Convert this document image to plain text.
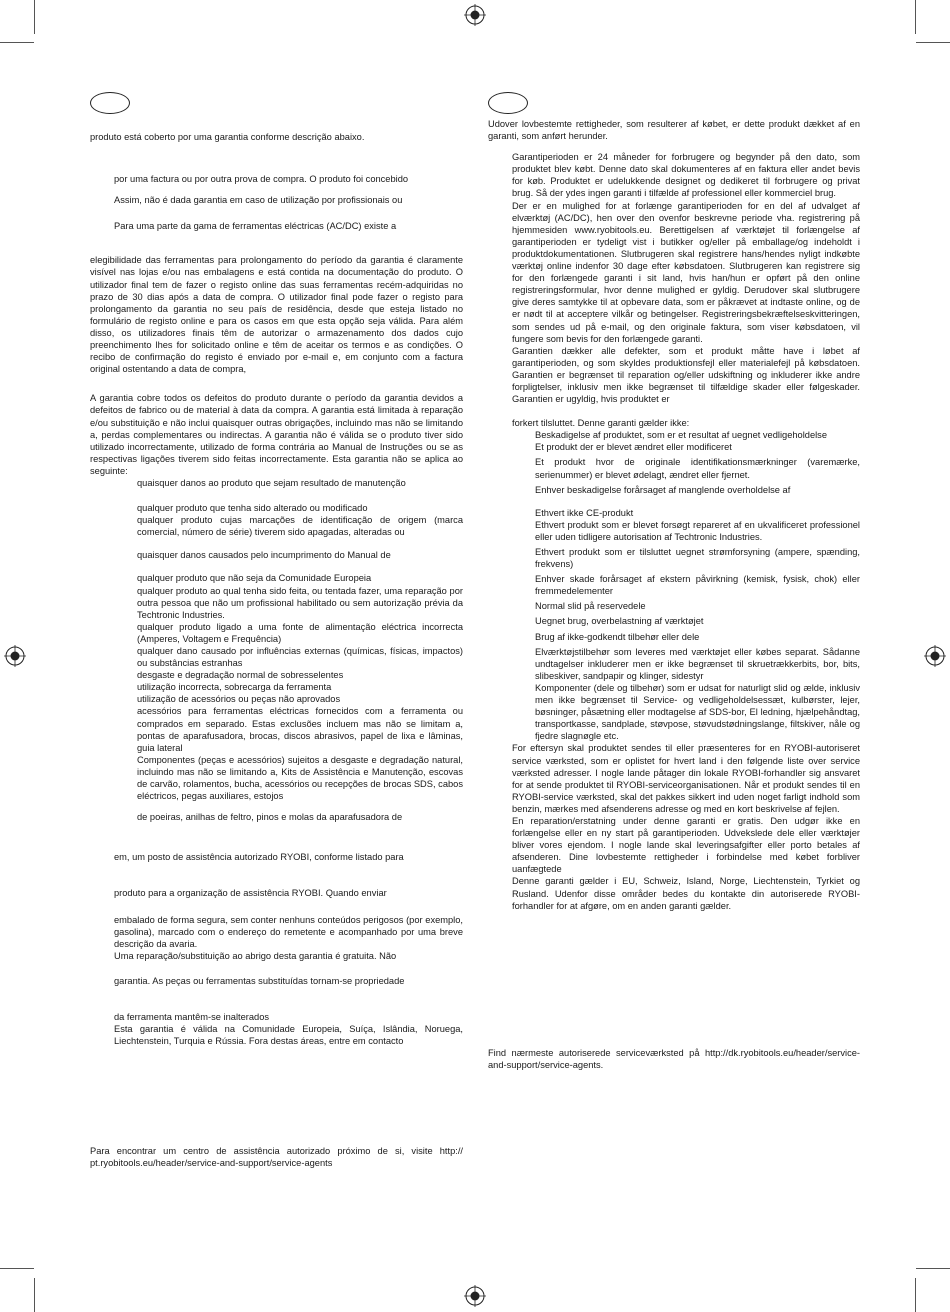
produto está coberto por uma garantia conforme descrição abaixo.

por uma factura ou por outra prova de compra. O produto foi concebido

Assim, não é dada garantia em caso de utilização por profissionais ou

Para uma parte da gama de ferramentas eléctricas (AC/DC) existe a

elegibilidade das ferramentas para prolongamento do período da garantia é claramente visível nas lojas e/ou nas embalagens e está contida na documentação do produto. O utilizador final tem de fazer o registo online das suas ferramentas recém-adquiridas no prazo de 30 dias após a data de compra. O utilizador final pode fazer o registo para prolongamento da garantia no seu país de residência, desde que esteja listado no formulário de registo online e para os casos em que esta opção seja válida. Para além disso, os utilizadores finais têm de autorizar o armazenamento dos dados cujo preenchimento lhes for solicitado online e têm de aceitar os termos e as condições. O recibo de confirmação do registo é enviado por e-mail e, em conjunto com a factura original ostentando a data de compra,

A garantia cobre todos os defeitos do produto durante o período da garantia devidos a defeitos de fabrico ou de material à data da compra. A garantia está limitada à reparação e/ou substituição e não inclui quaisquer outras obrigações, incluindo mas não se limitando a, perdas complementares ou indirectas. A garantia não é válida se o produto tiver sido utilizado incorrectamente, utilizado de forma contrária ao Manual de Instruções ou se as respectivas ligações tiverem sido feitas incorrectamente. Esta garantia não se aplica ao seguinte:

quaisquer danos ao produto que sejam resultado de manutenção

qualquer produto que tenha sido alterado ou modificado

qualquer produto cujas marcações de identificação de origem (marca comercial, número de série) tiverem sido apagadas, alteradas ou

quaisquer danos causados pelo incumprimento do Manual de

qualquer produto que não seja da Comunidade Europeia

qualquer produto ao qual tenha sido feita, ou tentada fazer, uma reparação por outra pessoa que não um profissional habilitado ou sem autorização prévia da Techtronic Industries.

qualquer produto ligado a uma fonte de alimentação eléctrica incorrecta (Amperes, Voltagem e Frequência)

qualquer dano causado por influências externas (químicas, físicas, impactos) ou substâncias estranhas

desgaste e degradação normal de sobresselentes

utilização incorrecta, sobrecarga da ferramenta

utilização de acessórios ou peças não aprovados

acessórios para ferramentas eléctricas fornecidos com a ferramenta ou comprados em separado. Estas exclusões incluem mas não se limitam a, pontas de aparafusadora, brocas, discos abrasivos, papel de lixa e lâminas, guia lateral

Componentes (peças e acessórios) sujeitos a desgaste e degradação natural, incluindo mas não se limitando a, Kits de Assistência e Manutenção, escovas de carvão, rolamentos, bucha, acessórios ou recepções de brocas SDS, cabos eléctricos, pegas auxiliares, estojos

de poeiras, anilhas de feltro, pinos e molas da aparafusadora de

em, um posto de assistência autorizado RYOBI, conforme listado para

produto para a organização de assistência RYOBI. Quando enviar

embalado de forma segura, sem conter nenhuns conteúdos perigosos (por exemplo, gasolina), marcado com o endereço do remetente e acompanhado por uma breve descrição da avaria.

Uma reparação/substituição ao abrigo desta garantia é gratuita. Não

garantia. As peças ou ferramentas substituídas tornam-se propriedade

da ferramenta mantêm-se inalterados

Esta garantia é válida na Comunidade Europeia, Suíça, Islândia, Noruega, Liechtenstein, Turquia e Rússia. Fora destas áreas, entre em contacto

Para encontrar um centro de assistência autorizado próximo de si, visite http:// pt.ryobitools.eu/header/service-and-support/service-agents

Udover lovbestemte rettigheder, som resulterer af købet, er dette produkt dækket af en garanti, som anført herunder.

Garantiperioden er 24 måneder for forbrugere og begynder på den dato, som produktet blev købt. Denne dato skal dokumenteres af en faktura eller andet bevis for køb. Produktet er udelukkende designet og dedikeret til forbrugere og privat brug. Så der ydes ingen garanti i tilfælde af professionel eller kommerciel brug.

Der er en mulighed for at forlænge garantiperioden for en del af udvalget af elværktøj (AC/DC), hen over den ovenfor beskrevne periode vha. registrering på hjemmesiden www.ryobitools.eu. Berettigelsen af værktøjet til forlængelse af garantiperioden er tydeligt vist i butikker og/eller på emballage/og indeholdt i produktdokumentationen. Slutbrugeren skal registrere hans/hendes nyligt indkøbte værktøj online indenfor 30 dage efter købsdatoen. Slutbrugeren kan registrere sig for den forlængede garanti i sit land, hvis han/hun er opført på den online registreringsformular, hvor denne mulighed er gyldig. Derudover skal slutbrugere give deres samtykke til at opbevare data, som er påkrævet at indtaste online, og de er nødt til at acceptere vilkår og betingelser. Registreringsbekræftelseskvitteringen, som sendes ud på e-mail, og den originale faktura, som viser købsdatoen, vil fungere som bevis for den forlængede garanti.

Garantien dækker alle defekter, som et produkt måtte have i løbet af garantiperioden, og som skyldes produktionsfejl eller materialefejl på købsdatoen. Garantien er begrænset til reparation og/eller udskiftning og inkluderer ikke andre forpligtelser, inklusiv men ikke begrænset til tilfældige skader eller følgeskader. Garantien er ugyldig, hvis produktet er

forkert tilsluttet. Denne garanti gælder ikke:

Beskadigelse af produktet, som er et resultat af uegnet vedligeholdelse

Et produkt der er blevet ændret eller modificeret

Et produkt hvor de originale identifikationsmærkninger (varemærke, serienummer) er blevet ødelagt, ændret eller fjernet.

Enhver beskadigelse forårsaget af manglende overholdelse af

Ethvert ikke CE-produkt

Ethvert produkt som er blevet forsøgt repareret af en ukvalificeret professionel eller uden tidligere autorisation af Techtronic Industries.

Ethvert produkt som er tilsluttet uegnet strømforsyning (ampere, spænding, frekvens)

Enhver skade forårsaget af ekstern påvirkning (kemisk, fysisk, chok) eller fremmedelementer

Normal slid på reservedele

Uegnet brug, overbelastning af værktøjet

Brug af ikke-godkendt tilbehør eller dele

Elværktøjstilbehør som leveres med værktøjet eller købes separat. Sådanne undtagelser inkluderer men er ikke begrænset til skruetrækkerbits, bor, bits, slibeskiver, sandpapir og klinger, sidestyr

Komponenter (dele og tilbehør) som er udsat for naturligt slid og ælde, inklusiv men ikke begrænset til Service- og vedligeholdelsessæt, kulbørster, lejer, bøsninger, påsætning eller modtagelse af SDS-bor, El ledning, hjælpehåndtag, transportkasse, sandplade, støvpose, støvudstødningslange, filtskiver, nåle og fjedre slagnøgle etc.

For eftersyn skal produktet sendes til eller præsenteres for en RYOBI-autoriseret service værksted, som er oplistet for hvert land i den følgende liste over service værksted adresser. I nogle lande påtager din lokale RYOBI-forhandler sig ansvaret for at sende produktet til RYOBI-serviceorganisationen. Når et produkt sendes til en RYOBI-service værksted, skal det pakkes sikkert ind uden noget farligt indhold som benzin, mærkes med afsenderens adresse og med en kort beskrivelse af fejlen.

En reparation/erstatning under denne garanti er gratis. Den udgør ikke en forlængelse eller en ny start på garantiperioden. Udvekslede dele eller værktøjer bliver vores ejendom. I nogle lande skal leveringsafgifter eller porto betales af afsenderen. Dine lovbestemte rettigheder i forbindelse med købet forbliver uanfægtede

Denne garanti gælder i EU, Schweiz, Island, Norge, Liechtenstein, Tyrkiet og Rusland. Udenfor disse områder bedes du kontakte din autoriserede RYOBI-forhandler for at afgøre, om en anden garanti gælder.

Find nærmeste autoriserede serviceværksted på http://dk.ryobitools.eu/header/service-and-support/service-agents.
